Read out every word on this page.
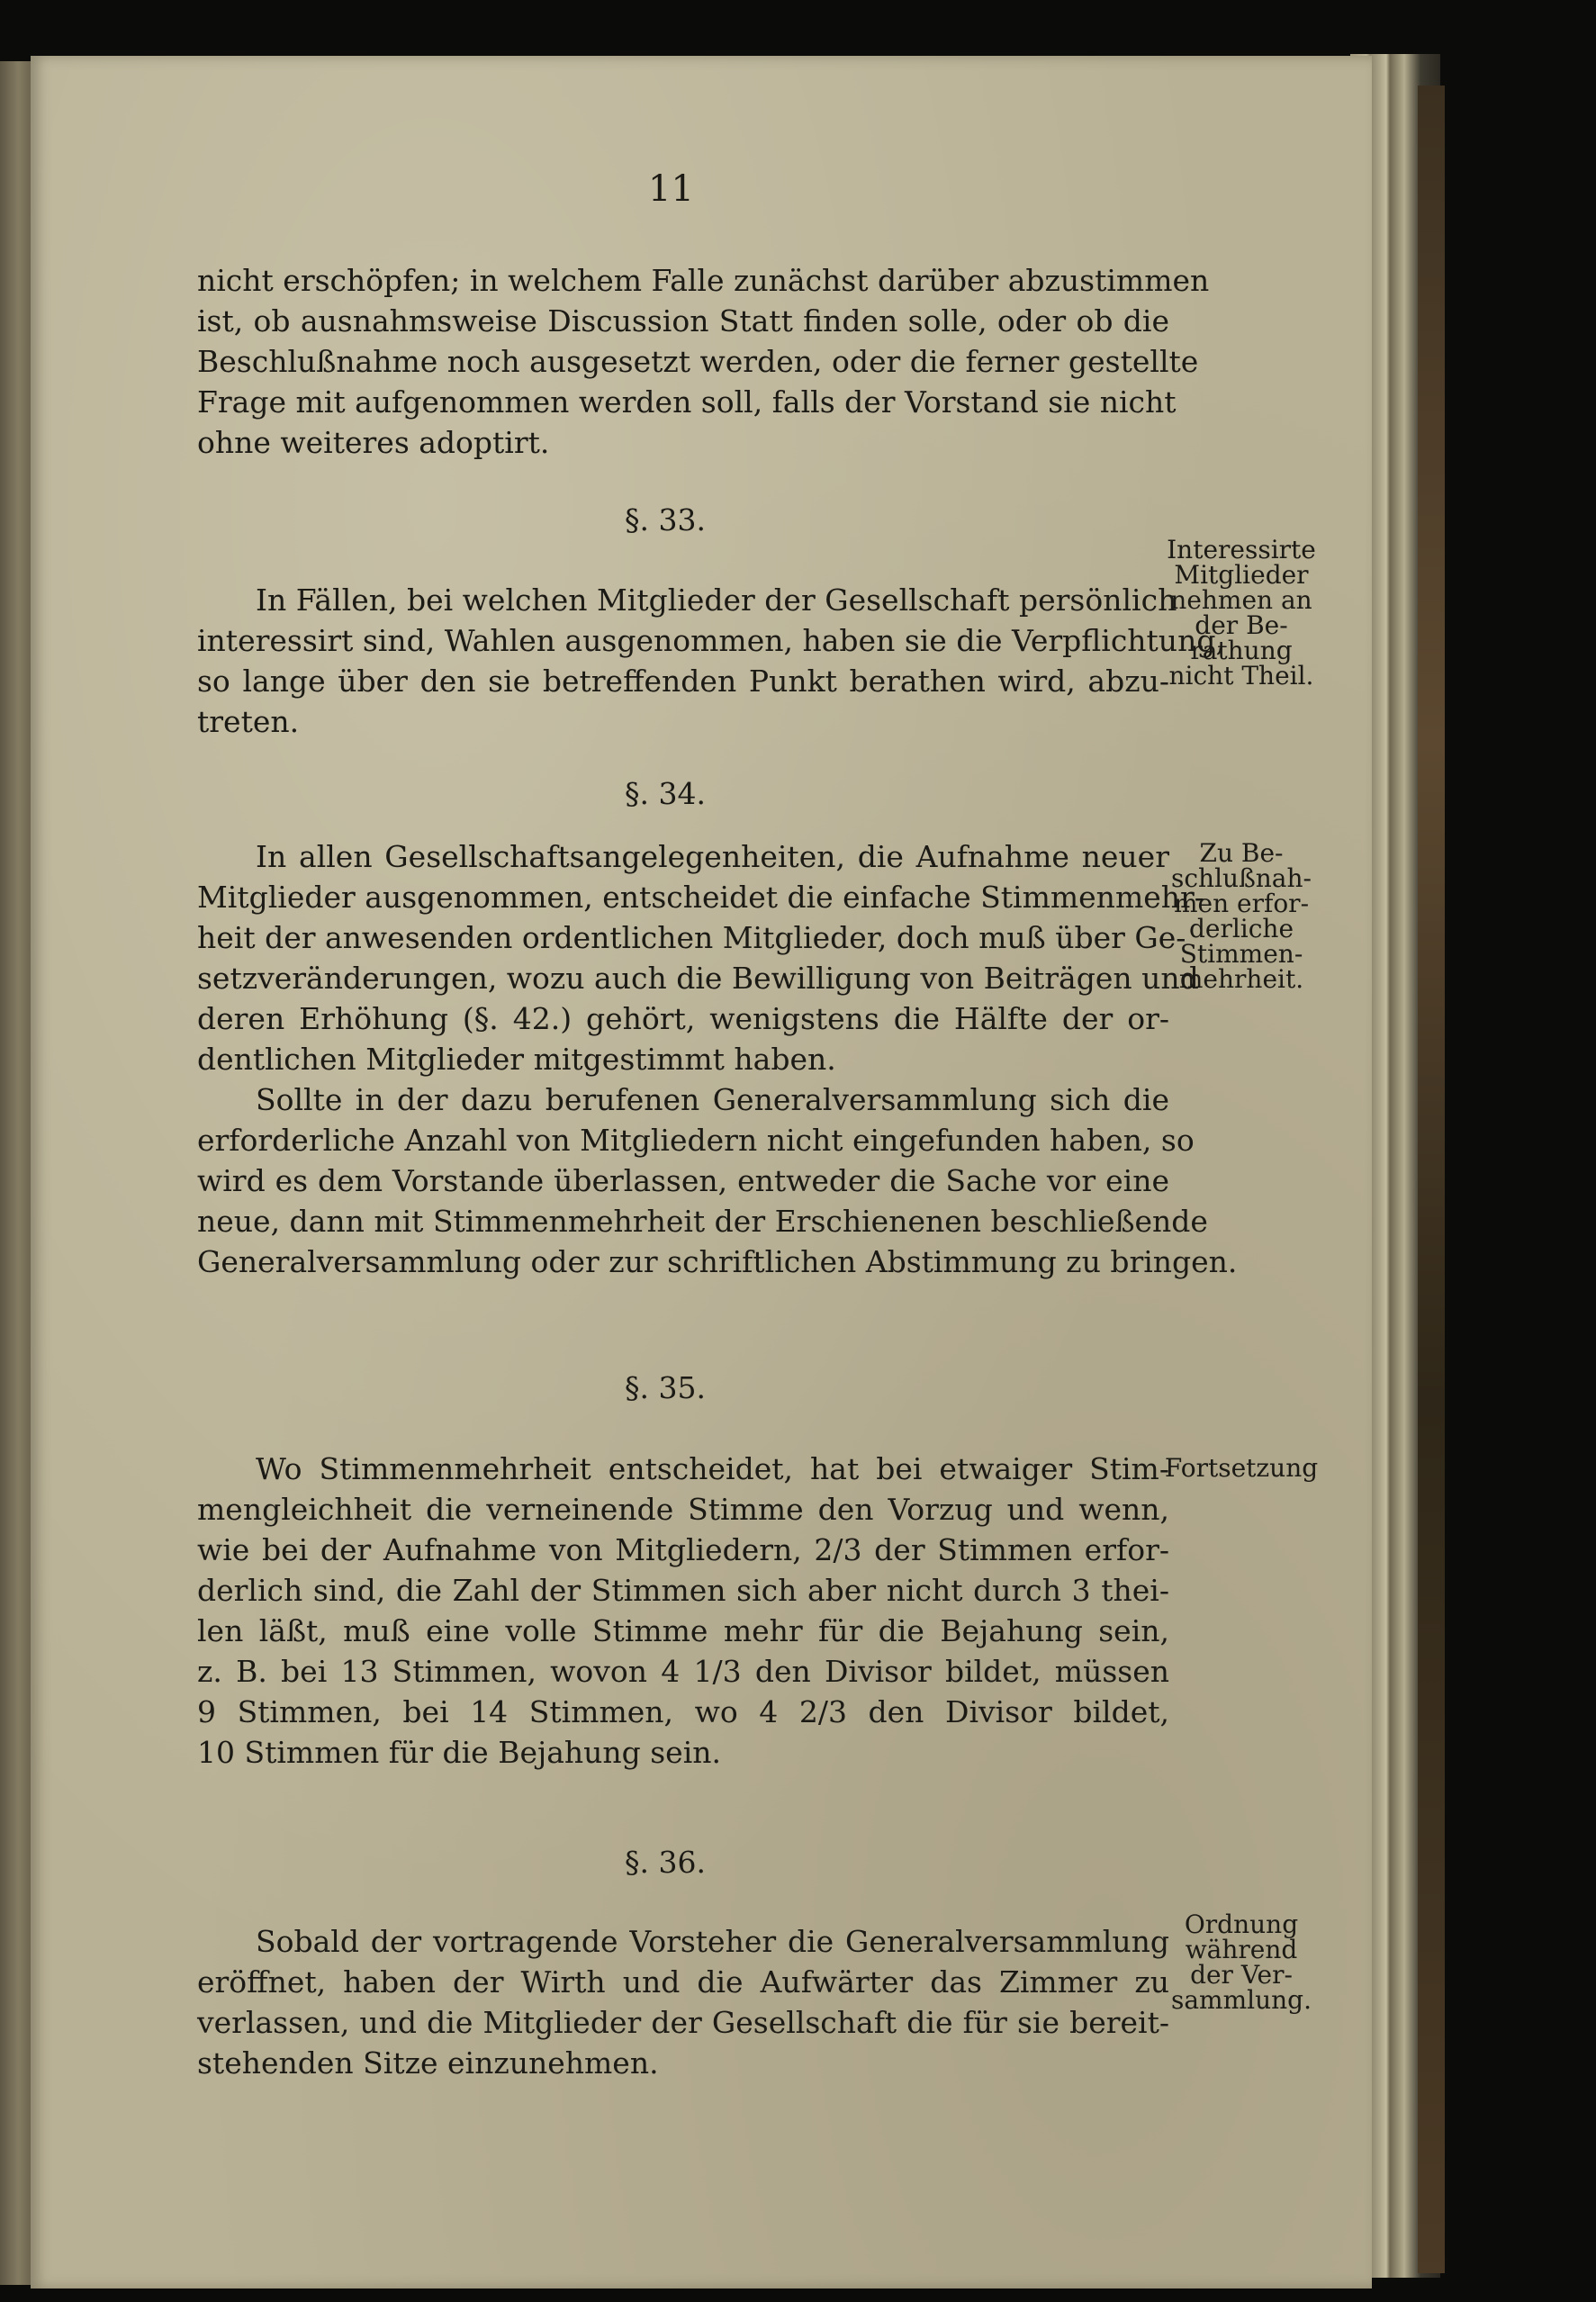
11
nicht erschöpfen; in welchem Falle zunächst darüber abzustimmen
ist, ob ausnahmsweise Discussion Statt finden solle, oder ob die
Beschlußnahme noch ausgesetzt werden, oder die ferner gestellte
Frage mit aufgenommen werden soll, falls der Vorstand sie nicht
ohne weiteres adoptirt.
§. 33.
In Fällen, bei welchen Mitglieder der Gesellschaft persönlich
interessirt sind, Wahlen ausgenommen, haben sie die Verpflichtung,
so lange über den sie betreffenden Punkt berathen wird, abzu-
treten.
Interessirte
Mitglieder
nehmen an
der Be-
rathung
nicht Theil.
§. 34.
In allen Gesellschaftsangelegenheiten, die Aufnahme neuer
Mitglieder ausgenommen, entscheidet die einfache Stimmenmehr-
heit der anwesenden ordentlichen Mitglieder, doch muß über Ge-
setzveränderungen, wozu auch die Bewilligung von Beiträgen und
deren Erhöhung (§. 42.) gehört, wenigstens die Hälfte der or-
dentlichen Mitglieder mitgestimmt haben.
Sollte in der dazu berufenen Generalversammlung sich die
erforderliche Anzahl von Mitgliedern nicht eingefunden haben, so
wird es dem Vorstande überlassen, entweder die Sache vor eine
neue, dann mit Stimmenmehrheit der Erschienenen beschließende
Generalversammlung oder zur schriftlichen Abstimmung zu bringen.
Zu Be-
schlußnah-
men erfor-
derliche
Stimmen-
mehrheit.
§. 35.
Wo Stimmenmehrheit entscheidet, hat bei etwaiger Stim-
mengleichheit die verneinende Stimme den Vorzug und wenn,
wie bei der Aufnahme von Mitgliedern, 2/3 der Stimmen erfor-
derlich sind, die Zahl der Stimmen sich aber nicht durch 3 thei-
len läßt, muß eine volle Stimme mehr für die Bejahung sein,
z. B. bei 13 Stimmen, wovon 4 1/3 den Divisor bildet, müssen
9 Stimmen, bei 14 Stimmen, wo 4 2/3 den Divisor bildet,
10 Stimmen für die Bejahung sein.
Fortsetzung
§. 36.
Sobald der vortragende Vorsteher die Generalversammlung
eröffnet, haben der Wirth und die Aufwärter das Zimmer zu
verlassen, und die Mitglieder der Gesellschaft die für sie bereit-
stehenden Sitze einzunehmen.
Ordnung
während
der Ver-
sammlung.
